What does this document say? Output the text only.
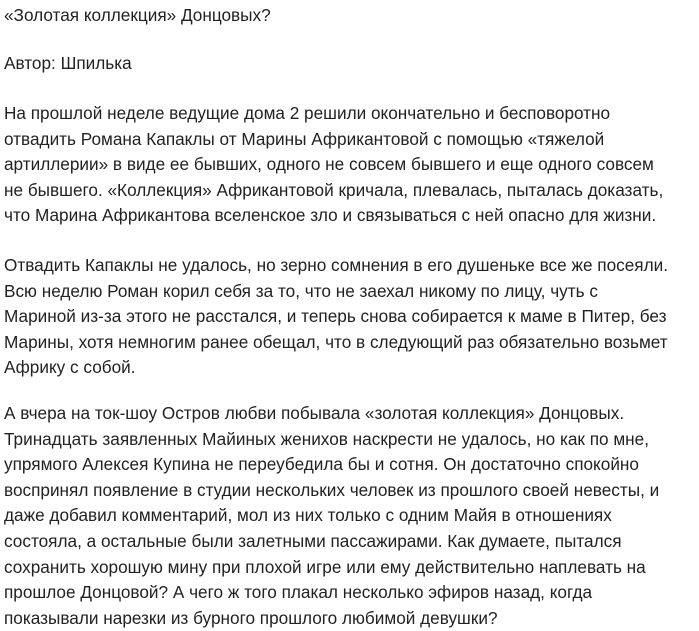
«Золотая коллекция» Донцовых?

Автор: Шпилька

На прошлой неделе ведущие дома 2 решили окончательно и бесповоротно
отвадить Романа Капаклы от Марины Африкантовой с помощью «тяжелой
артиллерии» в виде ее бывших, одного не совсем бывшего и еще одного совсем
не бывшего. «Коллекция» Африкантовой кричала, плевалась, пыталась доказать,
что Марина Африкантова вселенское зло и связываться с ней опасно для жизни.

Отвадить Капаклы не удалось, но зерно сомнения в его душеньке все же посеяли.
Всю неделю Роман корил себя за то, что не заехал никому по лицу, чуть с
Мариной из-за этого не расстался, и теперь снова собирается к маме в Питер, без
Марины, хотя немногим ранее обещал, что в следующий раз обязательно возьмет
Африку с собой.

А вчера на ток-шоу Остров любви побывала «золотая коллекция» Донцовых.
Тринадцать заявленных Майиных женихов наскрести не удалось, но как по мне,
упрямого Алексея Купина не переубедила бы и сотня. Он достаточно спокойно
воспринял появление в студии нескольких человек из прошлого своей невесты, и
даже добавил комментарий, мол из них только с одним Майя в отношениях
состояла, а остальные были залетными пассажирами. Как думаете, пытался
сохранить хорошую мину при плохой игре или ему действительно наплевать на
прошлое Донцовой? А чего ж того плакал несколько эфиров назад, когда
показывали нарезки из бурного прошлого любимой девушки?
